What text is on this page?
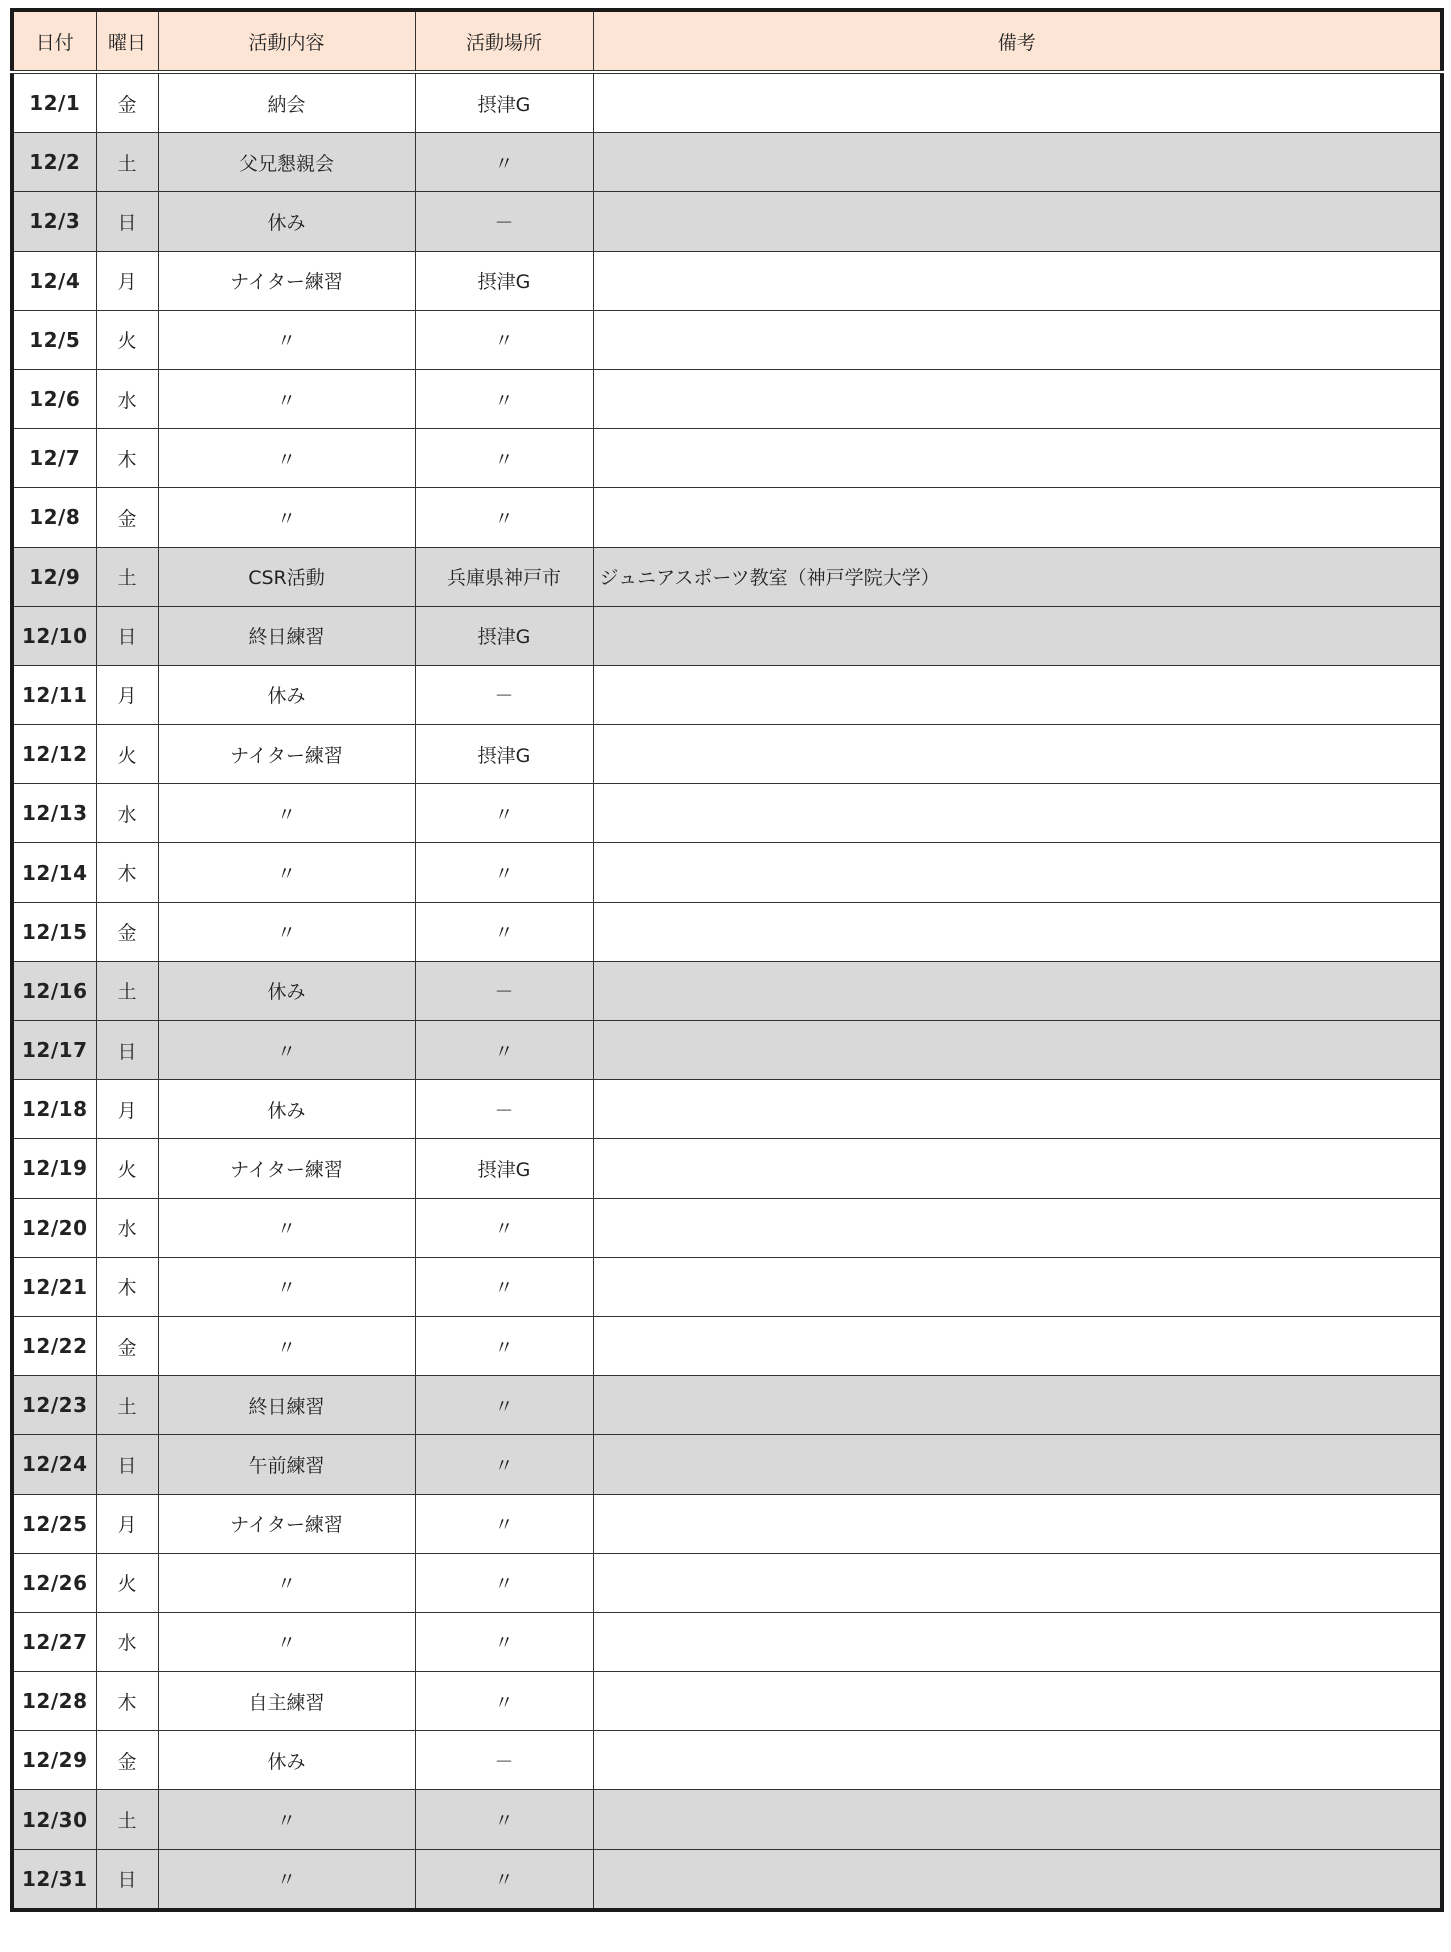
日付	曜日	活動内容	活動場所	備考
12/1	金	納会	摂津G	
12/2	土	父兄懇親会	〃	
12/3	日	休み	－	
12/4	月	ナイター練習	摂津G	
12/5	火	〃	〃	
12/6	水	〃	〃	
12/7	木	〃	〃	
12/8	金	〃	〃	
12/9	土	CSR活動	兵庫県神戸市	ジュニアスポーツ教室（神戸学院大学）
12/10	日	終日練習	摂津G	
12/11	月	休み	－	
12/12	火	ナイター練習	摂津G	
12/13	水	〃	〃	
12/14	木	〃	〃	
12/15	金	〃	〃	
12/16	土	休み	－	
12/17	日	〃	〃	
12/18	月	休み	－	
12/19	火	ナイター練習	摂津G	
12/20	水	〃	〃	
12/21	木	〃	〃	
12/22	金	〃	〃	
12/23	土	終日練習	〃	
12/24	日	午前練習	〃	
12/25	月	ナイター練習	〃	
12/26	火	〃	〃	
12/27	水	〃	〃	
12/28	木	自主練習	〃	
12/29	金	休み	－	
12/30	土	〃	〃	
12/31	日	〃	〃	
